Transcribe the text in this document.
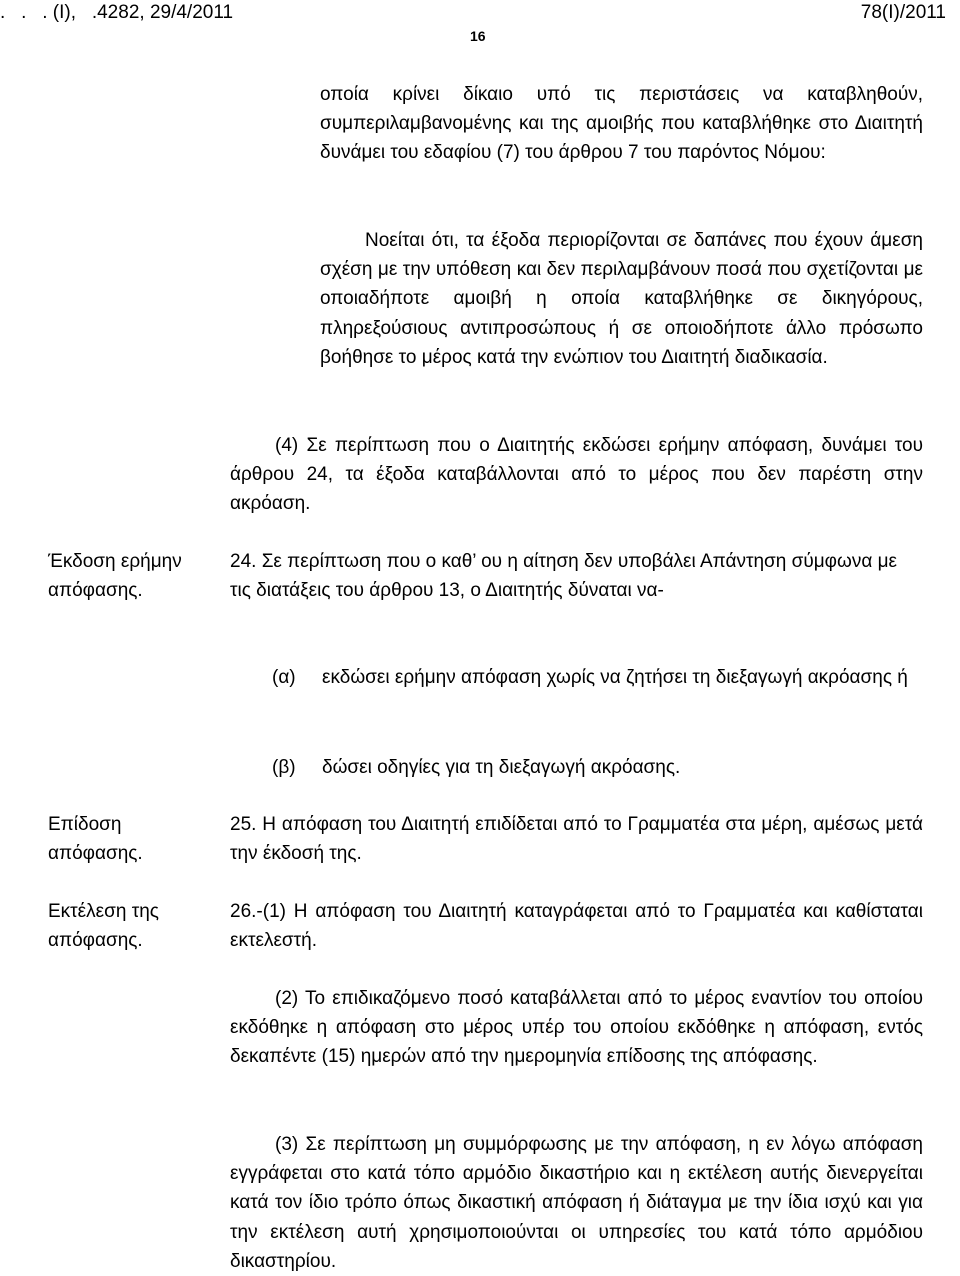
.   .   . (Ι),   .4282, 29/4/2011	78(Ι)/2011
16
οποία κρίνει δίκαιο υπό τις περιστάσεις να καταβληθούν, συμπεριλαμβανομένης και της αμοιβής που καταβλήθηκε στο Διαιτητή δυνάμει του εδαφίου (7) του άρθρου 7 του παρόντος Νόμου:
Νοείται ότι, τα έξοδα περιορίζονται σε δαπάνες που έχουν άμεση σχέση με την υπόθεση και δεν περιλαμβάνουν ποσά που σχετίζονται με οποιαδήποτε αμοιβή η οποία καταβλήθηκε σε δικηγόρους, πληρεξούσιους αντιπροσώπους ή σε οποιοδήποτε άλλο πρόσωπο βοήθησε το μέρος κατά την ενώπιον του Διαιτητή διαδικασία.
(4) Σε περίπτωση που ο Διαιτητής εκδώσει ερήμην απόφαση, δυνάμει του άρθρου 24, τα έξοδα καταβάλλονται από το μέρος που δεν παρέστη στην ακρόαση.
Έκδοση ερήμην απόφασης.
24. Σε περίπτωση που ο καθ’ ου η αίτηση δεν υποβάλει Απάντηση σύμφωνα με τις διατάξεις του άρθρου 13, ο Διαιτητής δύναται να-
(α) εκδώσει ερήμην απόφαση χωρίς να ζητήσει τη διεξαγωγή ακρόασης ή
(β) δώσει οδηγίες για τη διεξαγωγή ακρόασης.
Επίδοση απόφασης.
25. Η απόφαση του Διαιτητή επιδίδεται από το Γραμματέα στα μέρη, αμέσως μετά την έκδοσή της.
Εκτέλεση της απόφασης.
26.-(1) Η απόφαση του Διαιτητή καταγράφεται από το Γραμματέα και καθίσταται εκτελεστή.
(2) Το επιδικαζόμενο ποσό καταβάλλεται από το μέρος εναντίον του οποίου εκδόθηκε η απόφαση στο μέρος υπέρ του οποίου εκδόθηκε η απόφαση, εντός δεκαπέντε (15) ημερών από την ημερομηνία επίδοσης της απόφασης.
(3) Σε περίπτωση μη συμμόρφωσης με την απόφαση, η εν λόγω απόφαση εγγράφεται στο κατά τόπο αρμόδιο δικαστήριο και η εκτέλεση αυτής διενεργείται κατά τον ίδιο τρόπο όπως δικαστική απόφαση ή διάταγμα με την ίδια ισχύ και για την εκτέλεση αυτή χρησιμοποιούνται οι υπηρεσίες του κατά τόπο αρμόδιου δικαστηρίου.
